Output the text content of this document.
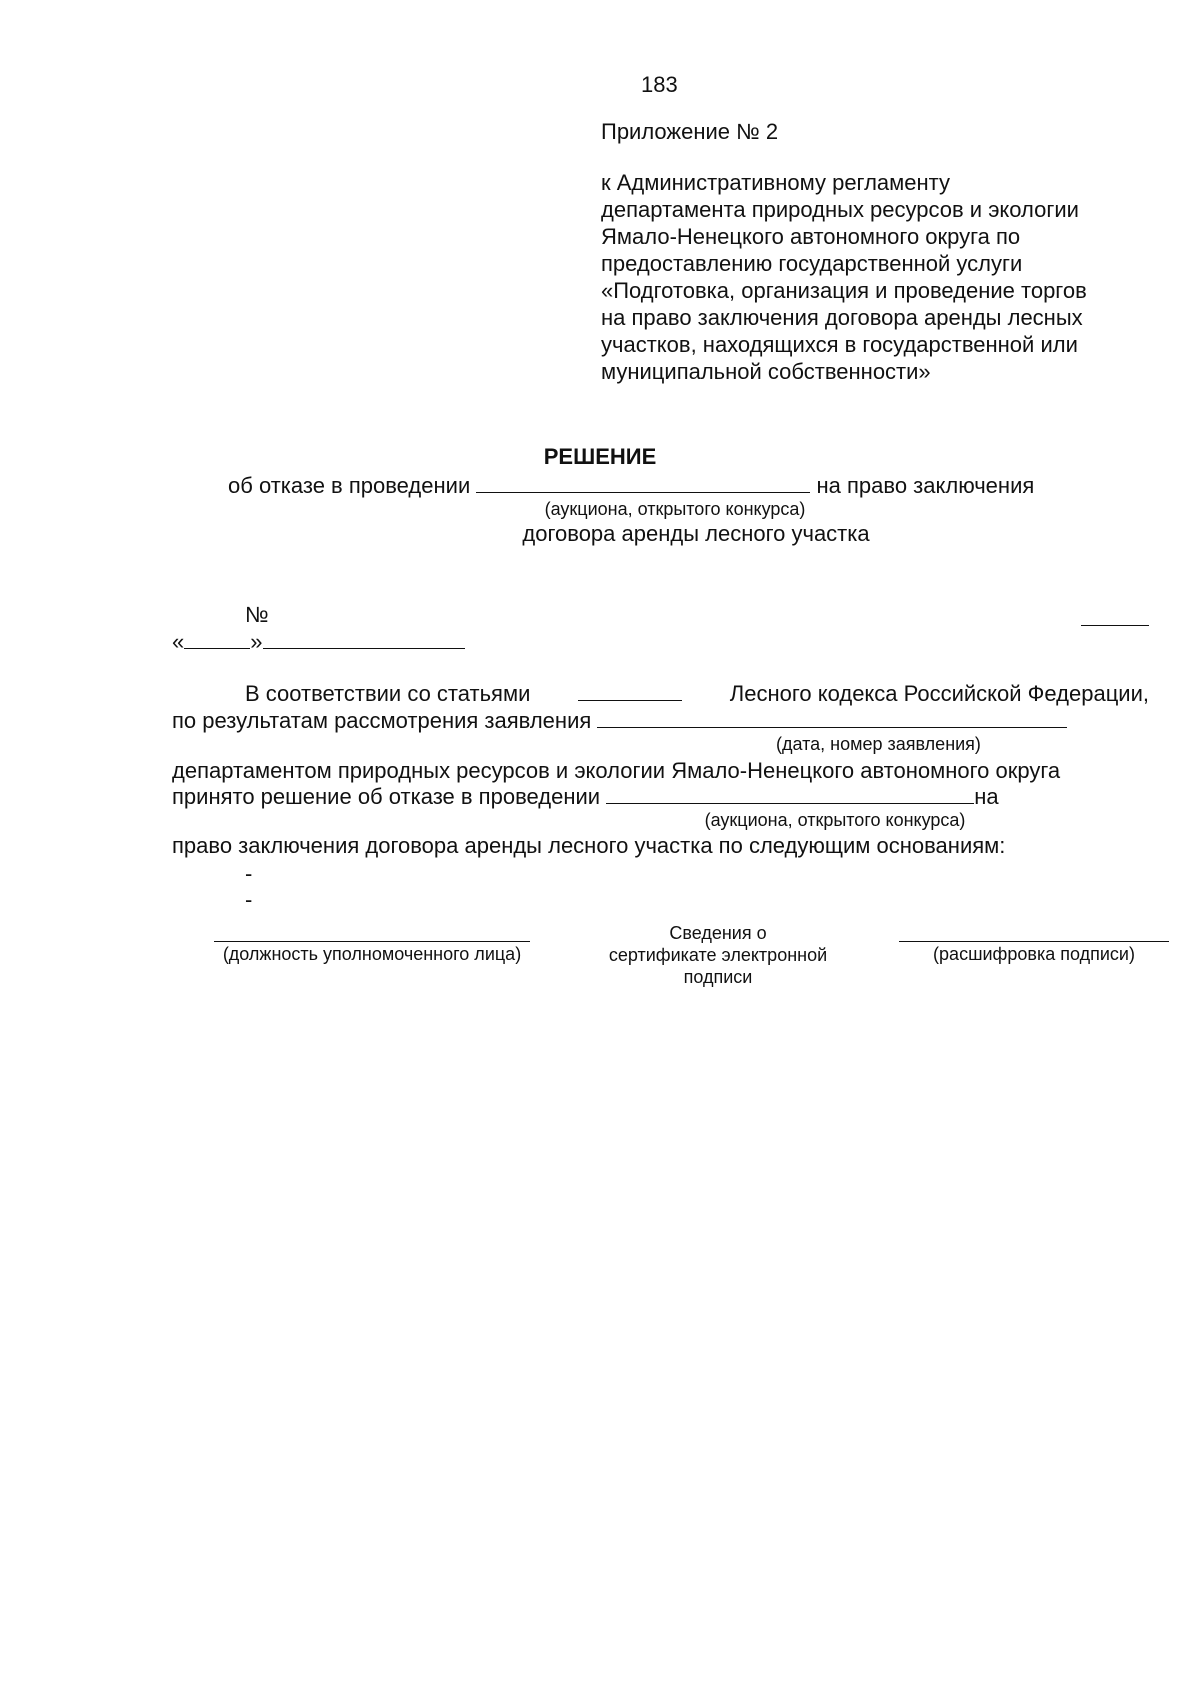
183
Приложение № 2
к Административному регламенту
департамента природных ресурсов и экологии
Ямало-Ненецкого автономного округа по
предоставлению государственной услуги
«Подготовка, организация и проведение торгов
на право заключения договора аренды лесных
участков, находящихся в государственной или
муниципальной собственности»
РЕШЕНИЕ
об отказе в проведении	на право заключения
(аукциона, открытого конкурса)
договора аренды лесного участка
№
«	»
В соответствии со статьями	Лесного кодекса Российской Федерации,
по результатам рассмотрения заявления
(дата, номер заявления)
департаментом природных ресурсов и экологии Ямало-Ненецкого автономного округа
принято решение об отказе в проведении	на
(аукциона, открытого конкурса)
право заключения договора аренды лесного участка по следующим основаниям:
-
-
(должность уполномоченного лица)
Сведения о
сертификате электронной
подписи
(расшифровка подписи)
